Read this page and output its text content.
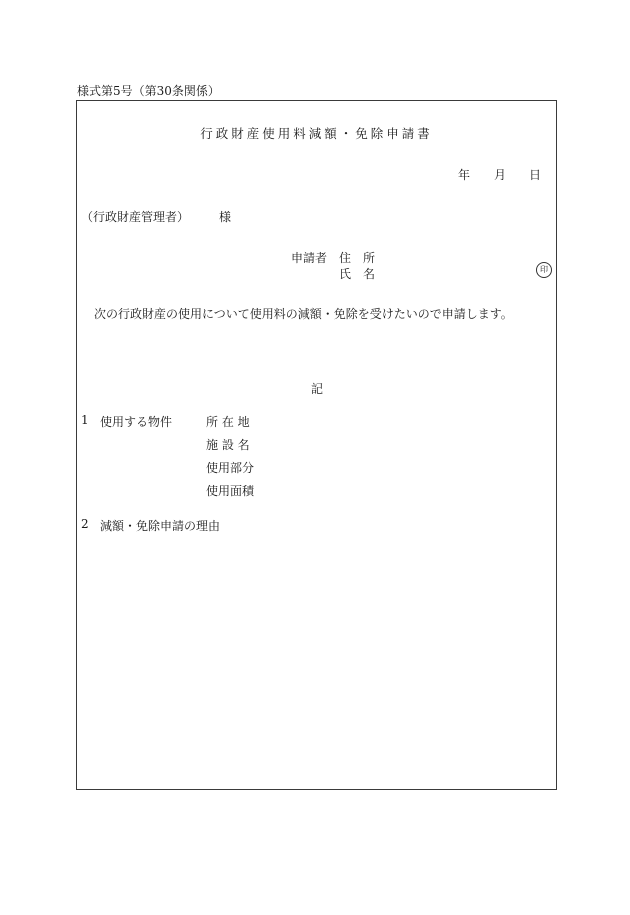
様式第5号（第30条関係）
行政財産使用料減額・免除申請書
年 月 日
（行政財産管理者） 様
申請者 住　所
氏　名	印
次の行政財産の使用について使用料の減額・免除を受けたいので申請します。
記
1 使用する物件	所 在 地
施 設 名
使用部分
使用面積
2 減額・免除申請の理由
